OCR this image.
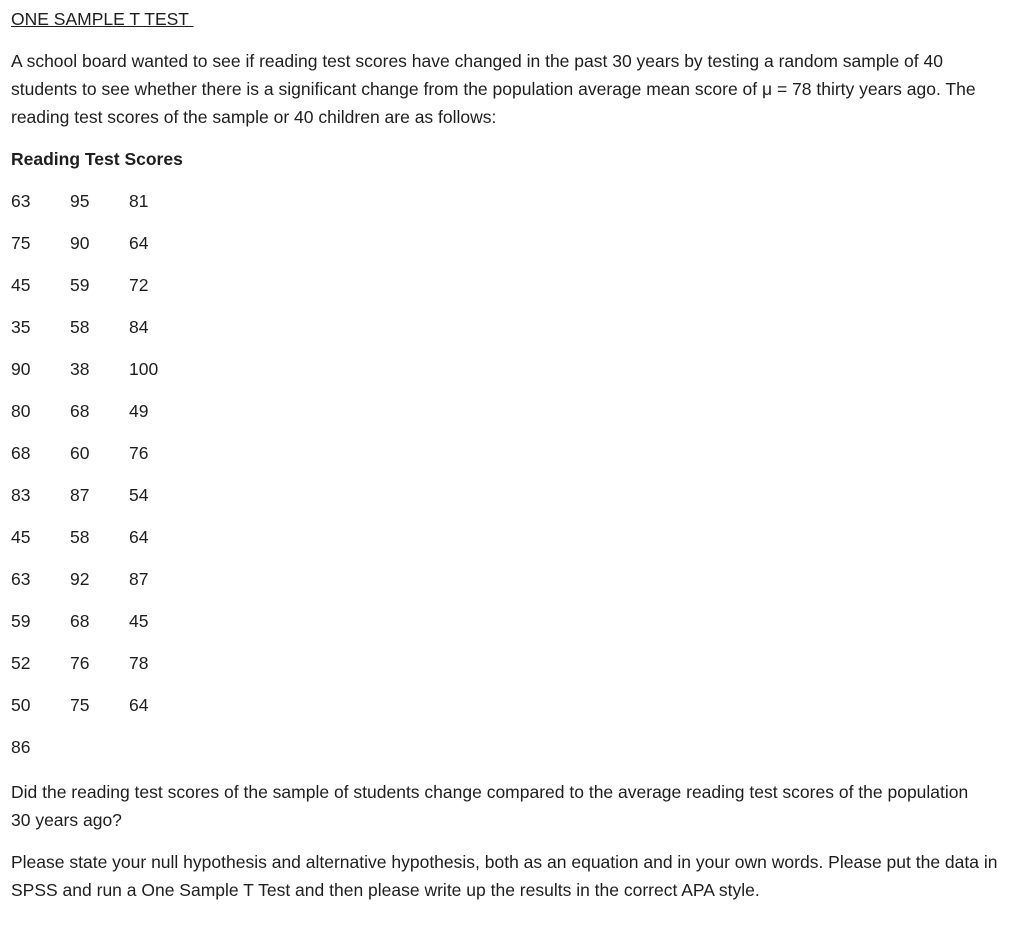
ONE SAMPLE T TEST

A school board wanted to see if reading test scores have changed in the past 30 years by testing a random sample of 40 students to see whether there is a significant change from the population average mean score of μ = 78 thirty years ago. The reading test scores of the sample or 40 children are as follows:

Reading Test Scores

63	95	81
75	90	64
45	59	72
35	58	84
90	38	100
80	68	49
68	60	76
83	87	54
45	58	64
63	92	87
59	68	45
52	76	78
50	75	64
86

Did the reading test scores of the sample of students change compared to the average reading test scores of the population 30 years ago?

Please state your null hypothesis and alternative hypothesis, both as an equation and in your own words. Please put the data in SPSS and run a One Sample T Test and then please write up the results in the correct APA style.
